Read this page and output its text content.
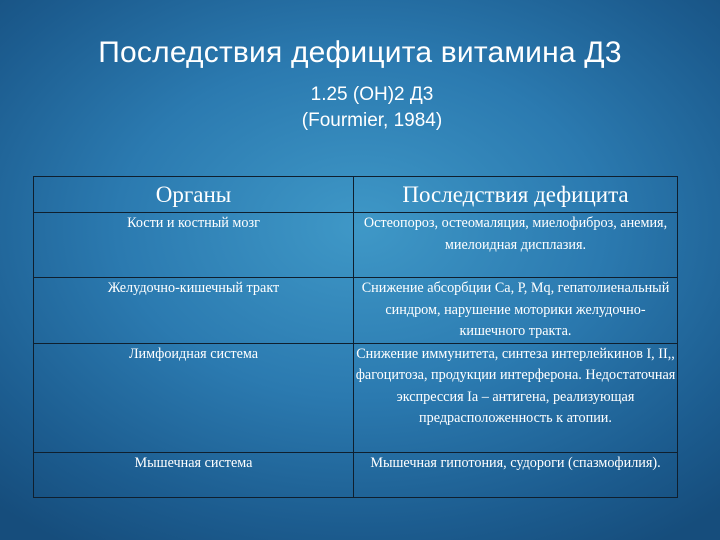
Последствия дефицита витамина Д3
1.25 (OH)2 Д3
(Fourmier, 1984)
Органы	Последствия дефицита
Кости и костный мозг	Остеопороз, остеомаляция, миелофиброз, анемия, миелоидная дисплазия.
Желудочно-кишечный тракт	Снижение абсорбции Са, Р, Мq, гепатолиенальный синдром, нарушение моторики желудочно-кишечного тракта.
Лимфоидная система	Снижение иммунитета, синтеза интерлейкинов I, II,, фагоцитоза, продукции интерферона. Недостаточная экспрессия Ia – антигена, реализующая предрасположенность к атопии.
Мышечная система	Мышечная гипотония, судороги (спазмофилия).
